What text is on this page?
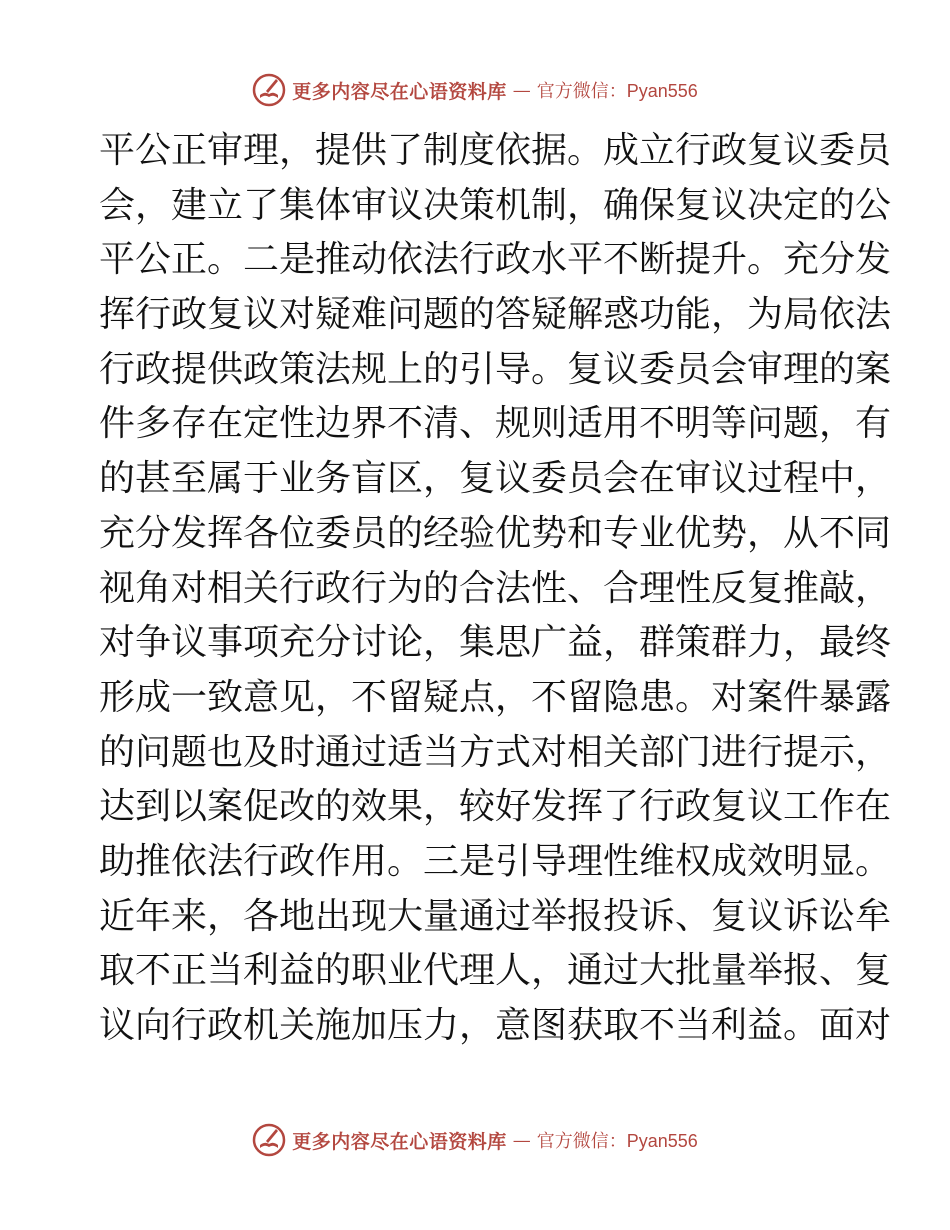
更多内容尽在心语资料库 — 官方微信：Pyan556
平公正审理，提供了制度依据。成立行政复议委员
会，建立了集体审议决策机制，确保复议决定的公
平公正。二是推动依法行政水平不断提升。充分发
挥行政复议对疑难问题的答疑解惑功能，为局依法
行政提供政策法规上的引导。复议委员会审理的案
件多存在定性边界不清、规则适用不明等问题，有
的甚至属于业务盲区，复议委员会在审议过程中，
充分发挥各位委员的经验优势和专业优势，从不同
视角对相关行政行为的合法性、合理性反复推敲，
对争议事项充分讨论，集思广益，群策群力，最终
形成一致意见，不留疑点，不留隐患。对案件暴露
的问题也及时通过适当方式对相关部门进行提示，
达到以案促改的效果，较好发挥了行政复议工作在
助推依法行政作用。三是引导理性维权成效明显。
近年来，各地出现大量通过举报投诉、复议诉讼牟
取不正当利益的职业代理人，通过大批量举报、复
议向行政机关施加压力，意图获取不当利益。面对
更多内容尽在心语资料库 — 官方微信：Pyan556
